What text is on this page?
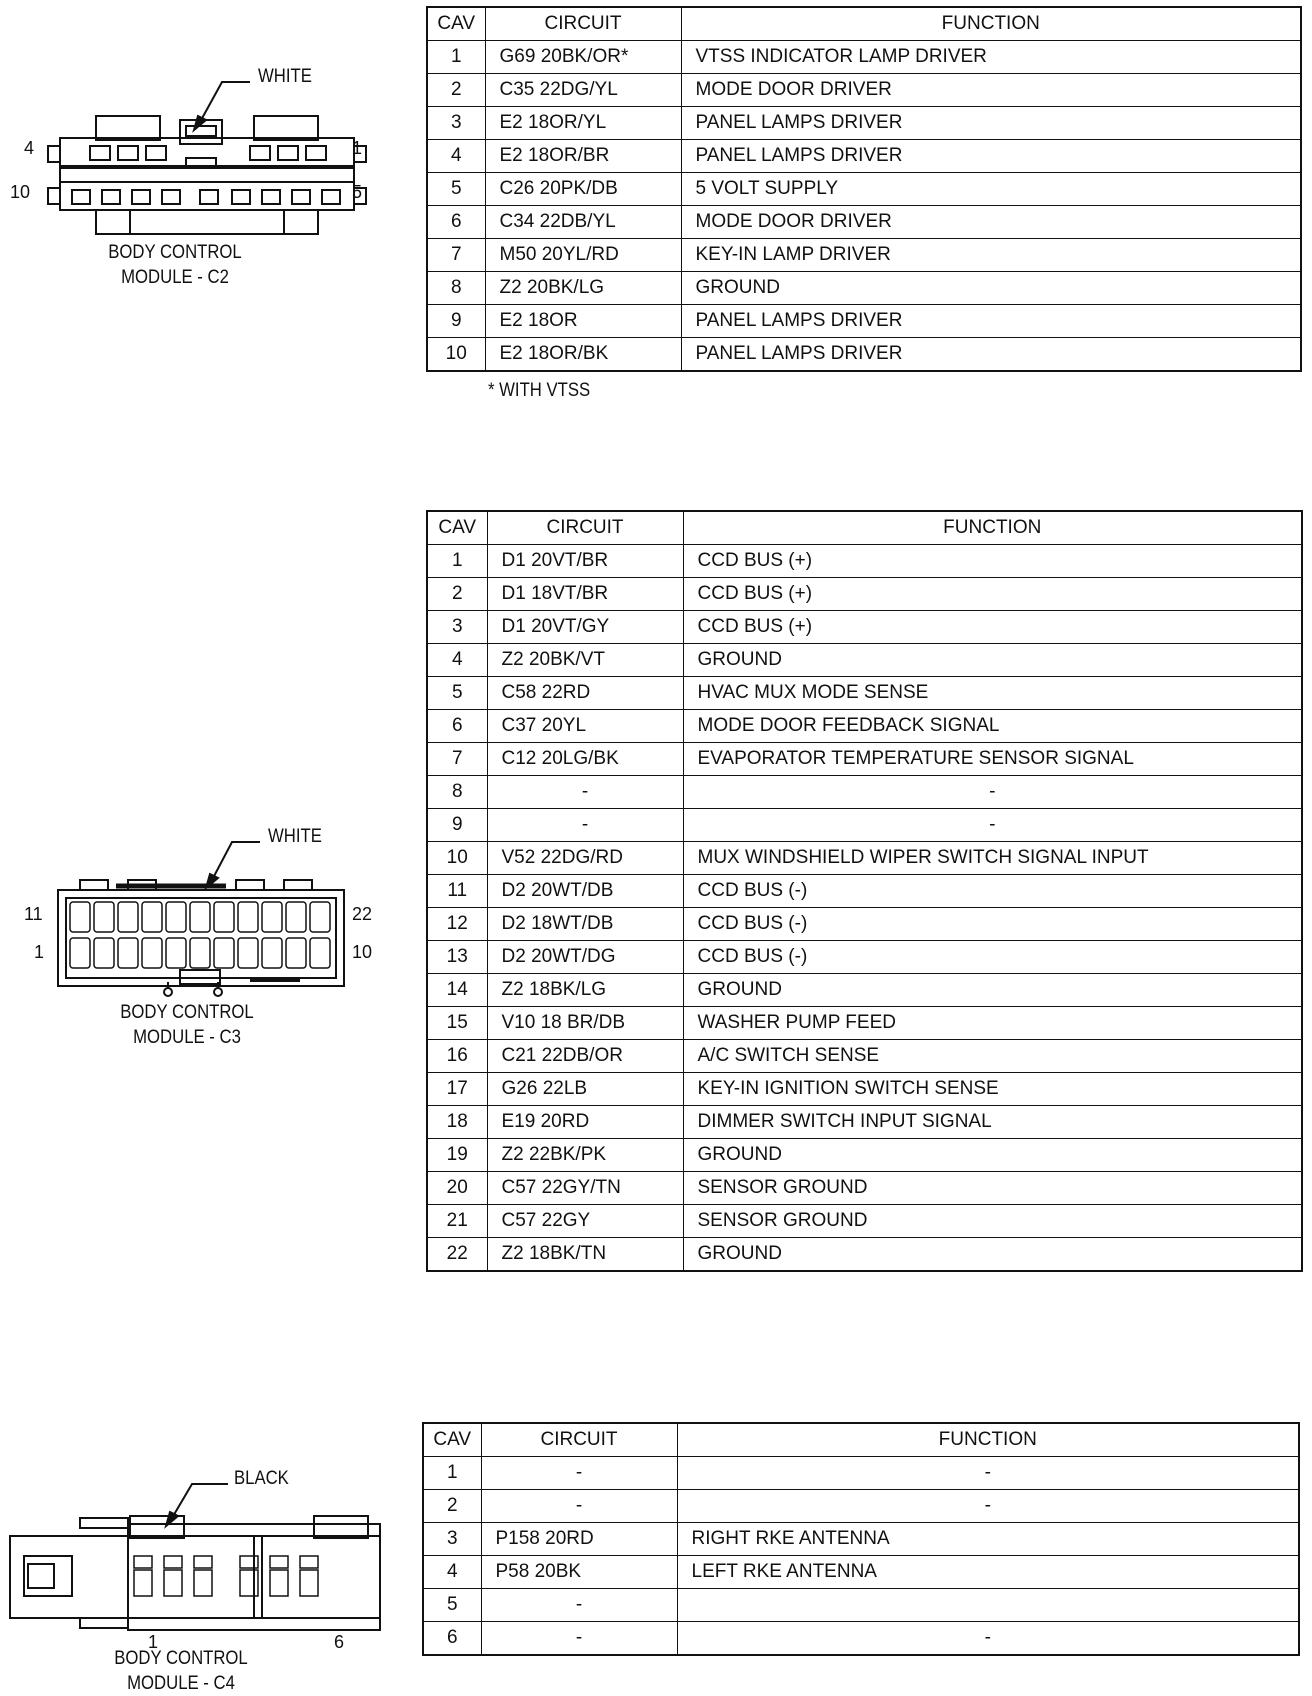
WHITE
4	1
10	5
BODY CONTROL
MODULE - C2
CAV	CIRCUIT	FUNCTION
1	G69 20BK/OR*	VTSS INDICATOR LAMP DRIVER
2	C35 22DG/YL	MODE DOOR DRIVER
3	E2 18OR/YL	PANEL LAMPS DRIVER
4	E2 18OR/BR	PANEL LAMPS DRIVER
5	C26 20PK/DB	5 VOLT SUPPLY
6	C34 22DB/YL	MODE DOOR DRIVER
7	M50 20YL/RD	KEY-IN LAMP DRIVER
8	Z2 20BK/LG	GROUND
9	E2 18OR	PANEL LAMPS DRIVER
10	E2 18OR/BK	PANEL LAMPS DRIVER
* WITH VTSS
WHITE
11	22
1	10
BODY CONTROL
MODULE - C3
CAV	CIRCUIT	FUNCTION
1	D1 20VT/BR	CCD BUS (+)
2	D1 18VT/BR	CCD BUS (+)
3	D1 20VT/GY	CCD BUS (+)
4	Z2 20BK/VT	GROUND
5	C58 22RD	HVAC MUX MODE SENSE
6	C37 20YL	MODE DOOR FEEDBACK SIGNAL
7	C12 20LG/BK	EVAPORATOR TEMPERATURE SENSOR SIGNAL
8	-	-
9	-	-
10	V52 22DG/RD	MUX WINDSHIELD WIPER SWITCH SIGNAL INPUT
11	D2 20WT/DB	CCD BUS (-)
12	D2 18WT/DB	CCD BUS (-)
13	D2 20WT/DG	CCD BUS (-)
14	Z2 18BK/LG	GROUND
15	V10 18 BR/DB	WASHER PUMP FEED
16	C21 22DB/OR	A/C SWITCH SENSE
17	G26 22LB	KEY-IN IGNITION SWITCH SENSE
18	E19 20RD	DIMMER SWITCH INPUT SIGNAL
19	Z2 22BK/PK	GROUND
20	C57 22GY/TN	SENSOR GROUND
21	C57 22GY	SENSOR GROUND
22	Z2 18BK/TN	GROUND
BLACK
1	6
BODY CONTROL
MODULE - C4
CAV	CIRCUIT	FUNCTION
1	-	-
2	-	-
3	P158 20RD	RIGHT RKE ANTENNA
4	P58 20BK	LEFT RKE ANTENNA
5	-	
6	-	-
